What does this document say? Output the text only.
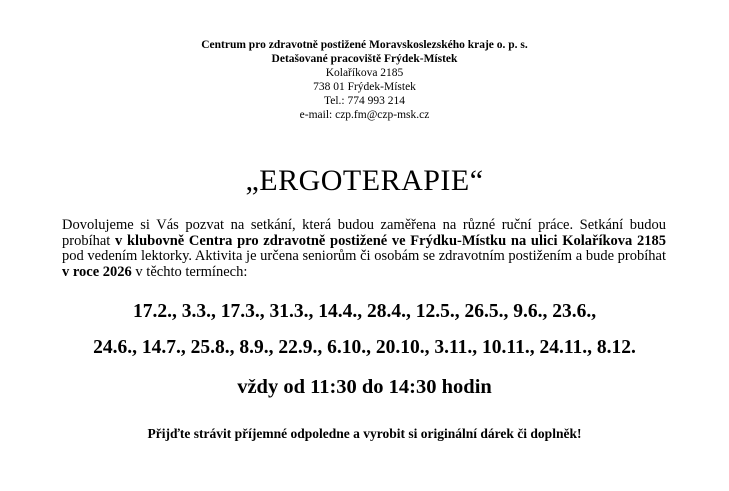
Centrum pro zdravotně postižené Moravskoslezského kraje o. p. s.
Detašované pracoviště Frýdek-Místek
Kolaříkova 2185
738 01 Frýdek-Místek
Tel.: 774 993 214
e-mail: czp.fm@czp-msk.cz
„ERGOTERAPIE“
Dovolujeme si Vás pozvat na setkání, která budou zaměřena na různé ruční práce. Setkání budou probíhat v klubovně Centra pro zdravotně postižené ve Frýdku-Místku na ulici Kolaříkova 2185 pod vedením lektorky. Aktivita je určena seniorům či osobám se zdravotním postižením a bude probíhat v roce 2026 v těchto termínech:
17.2., 3.3., 17.3., 31.3., 14.4., 28.4., 12.5., 26.5., 9.6., 23.6.,
24.6., 14.7., 25.8., 8.9., 22.9., 6.10., 20.10., 3.11., 10.11., 24.11., 8.12.
vždy od 11:30 do 14:30 hodin
Přijďte strávit příjemné odpoledne a vyrobit si originální dárek či doplněk!
